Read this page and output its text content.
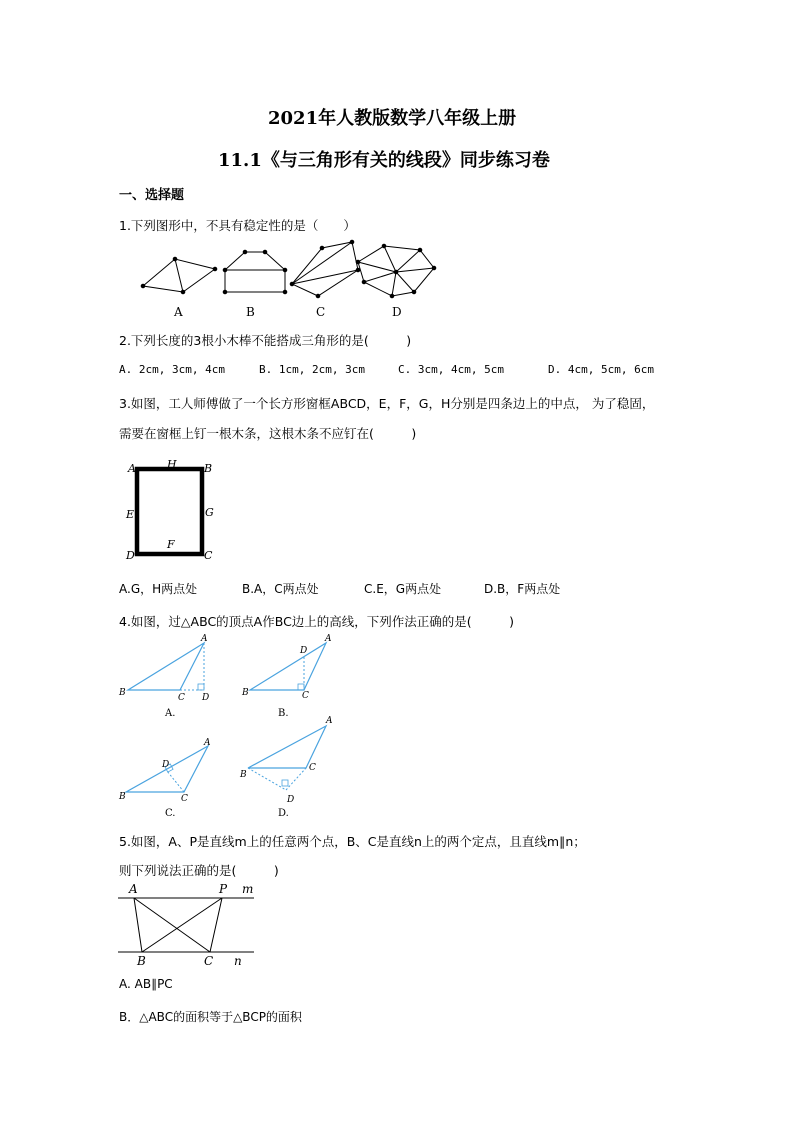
2021年人教版数学八年级上册
11.1《与三角形有关的线段》同步练习卷
一、选择题
1.下列图形中，不具有稳定性的是（　　）
A	B	C	D
2.下列长度的3根小木棒不能搭成三角形的是(　　　)
A. 2cm, 3cm, 4cm	B. 1cm, 2cm, 3cm	C. 3cm, 4cm, 5cm	D. 4cm, 5cm, 6cm
3.如图，工人师傅做了一个长方形窗框ABCD，E，F，G，H分别是四条边上的中点， 为了稳固，
需要在窗框上钉一根木条，这根木条不应钉在(　　　)
A	H B
E	G
D
F
C
A.G，H两点处	B.A，C两点处	C.E，G两点处	D.B，F两点处
4.如图，过△ABC的顶点A作BC边上的高线，下列作法正确的是(　　　)
A
B	C D
A.
A
D
B	C
B.
A
D
B	C
C.
A
B
C
D
D.
5.如图，A、P是直线m上的任意两个点，B、C是直线n上的两个定点，且直线m∥n；
则下列说法正确的是(　　　)
A	P m
B	C n
A. AB∥PC
B．△ABC的面积等于△BCP的面积
